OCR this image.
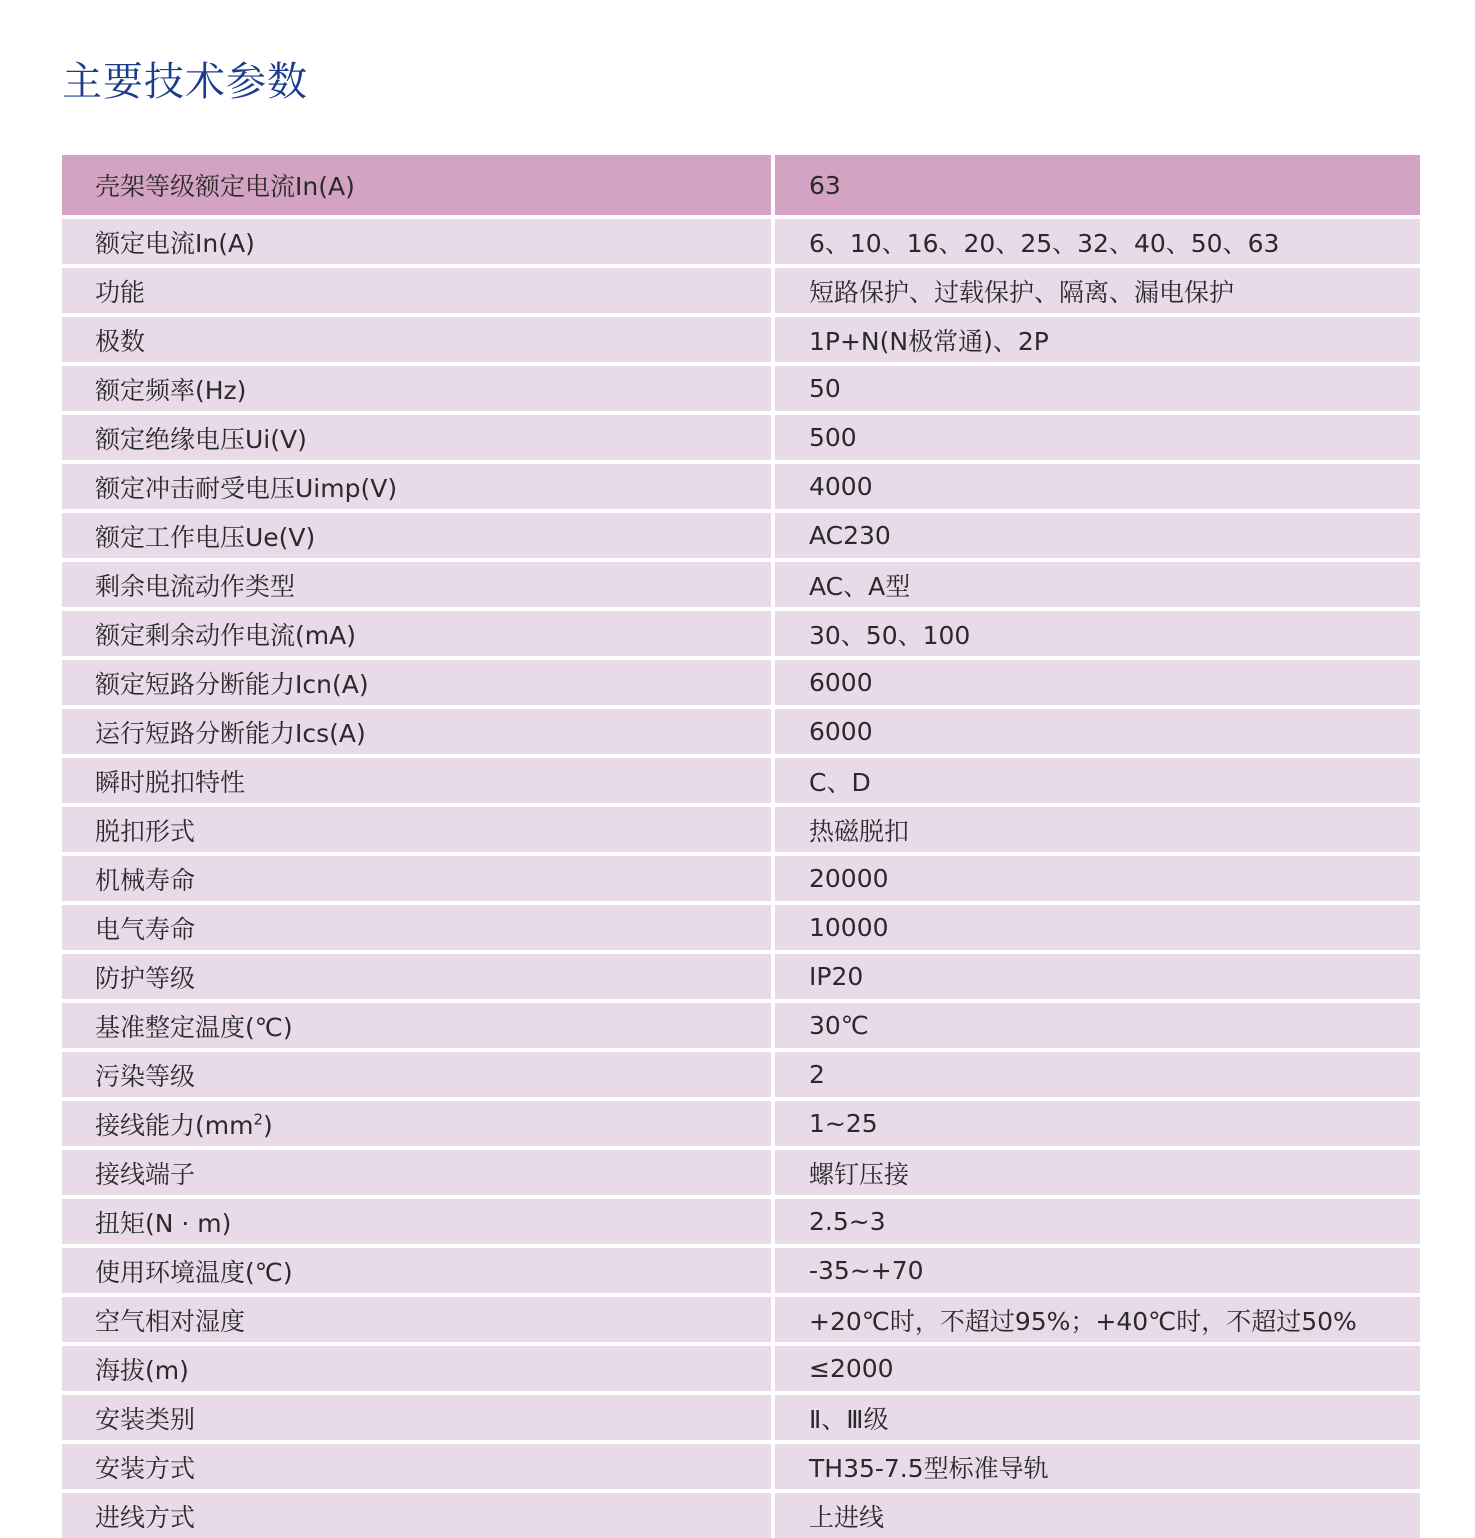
主要技术参数
壳架等级额定电流In(A)	63
额定电流In(A)	6、10、16、20、25、32、40、50、63
功能	短路保护、过载保护、隔离、漏电保护
极数	1P+N(N极常通)、2P
额定频率(Hz)	50
额定绝缘电压Ui(V)	500
额定冲击耐受电压Uimp(V)	4000
额定工作电压Ue(V)	AC230
剩余电流动作类型	AC、A型
额定剩余动作电流(mA)	30、50、100
额定短路分断能力Icn(A)	6000
运行短路分断能力Ics(A)	6000
瞬时脱扣特性	C、D
脱扣形式	热磁脱扣
机械寿命	20000
电气寿命	10000
防护等级	IP20
基准整定温度(℃)	30℃
污染等级	2
接线能力$(mm^2)$	1~25
接线端子	螺钉压接
扭矩(N · m)	2.5~3
使用环境温度(℃)	-35~+70
空气相对湿度	+20℃时，不超过95%；+40℃时，不超过50%
海拔(m)	≤2000
安装类别	Ⅱ、Ⅲ级
安装方式	TH35-7.5型标准导轨
进线方式	上进线
